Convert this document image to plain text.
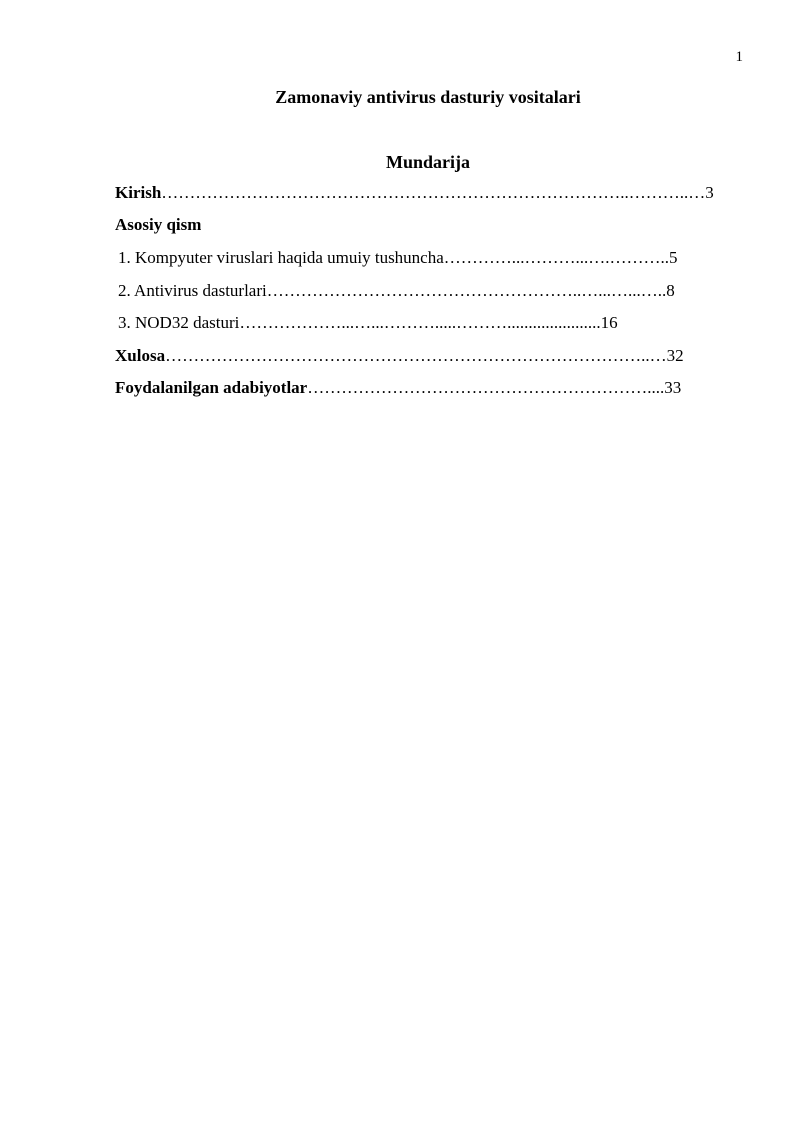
1
Zamonaviy antivirus dasturiy vositalari
Mundarija
Kirish………………………………………………………………………..………..…3
Asosiy qism
1. Kompyuter viruslari haqida umuiy tushuncha…………...………...….………..5
2. Antivirus dasturlari………………………………………………..…...…...…..8
3. NOD32 dasturi………………...…...……….....………......................16
Xulosa…………………………………………………………………………..…32
Foydalanilgan adabiyotlar……………………………………………………....33
